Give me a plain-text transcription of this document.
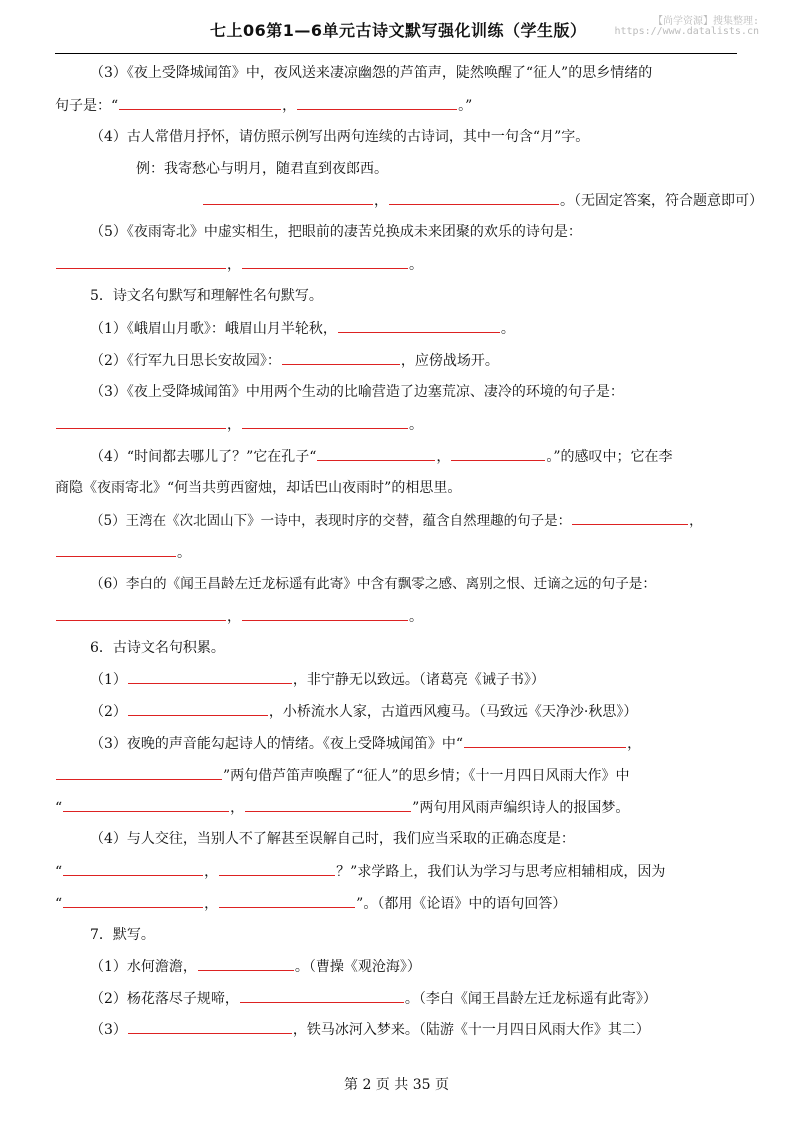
七上06第1—6单元古诗文默写强化训练（学生版）	【尚学资源】搜集整理:
https://www.datalists.cn
（3）《夜上受降城闻笛》中，夜风送来凄凉幽怨的芦笛声，陡然唤醒了“征人”的思乡情绪的
句子是：“	，	。”
（4）古人常借月抒怀，请仿照示例写出两句连续的古诗词，其中一句含“月”字。
例：我寄愁心与明月，随君直到夜郎西。
，	。（无固定答案，符合题意即可）
（5）《夜雨寄北》中虚实相生，把眼前的凄苦兑换成未来团聚的欢乐的诗句是：
，	。
5．诗文名句默写和理解性名句默写。
（1）《峨眉山月歌》：峨眉山月半轮秋，	。
（2）《行军九日思长安故园》：	，应傍战场开。
（3）《夜上受降城闻笛》中用两个生动的比喻营造了边塞荒凉、凄冷的环境的句子是：
，	。
（4）“时间都去哪儿了？”它在孔子“	，	。”的感叹中；它在李
商隐《夜雨寄北》“何当共剪西窗烛，却话巴山夜雨时”的相思里。
（5）王湾在《次北固山下》一诗中，表现时序的交替，蕴含自然理趣的句子是：	，
。
（6）李白的《闻王昌龄左迁龙标遥有此寄》中含有飘零之感、离别之恨、迁谪之远的句子是：
，	。
6．古诗文名句积累。
（1）	，非宁静无以致远。（诸葛亮《诫子书》）
（2）	，小桥流水人家，古道西风瘦马。（马致远《天净沙·秋思》）
（3）夜晚的声音能勾起诗人的情绪。《夜上受降城闻笛》中“	，
”两句借芦笛声唤醒了“征人”的思乡情；《十一月四日风雨大作》中
“	，	”两句用风雨声编织诗人的报国梦。
（4）与人交往，当别人不了解甚至误解自己时，我们应当采取的正确态度是：
“	，	？”求学路上，我们认为学习与思考应相辅相成，因为
“	，	”。（都用《论语》中的语句回答）
7．默写。
（1）水何澹澹，	。（曹操《观沧海》）
（2）杨花落尽子规啼，	。（李白《闻王昌龄左迁龙标遥有此寄》）
（3）	，铁马冰河入梦来。（陆游《十一月四日风雨大作》其二）
第 2 页 共 35 页
